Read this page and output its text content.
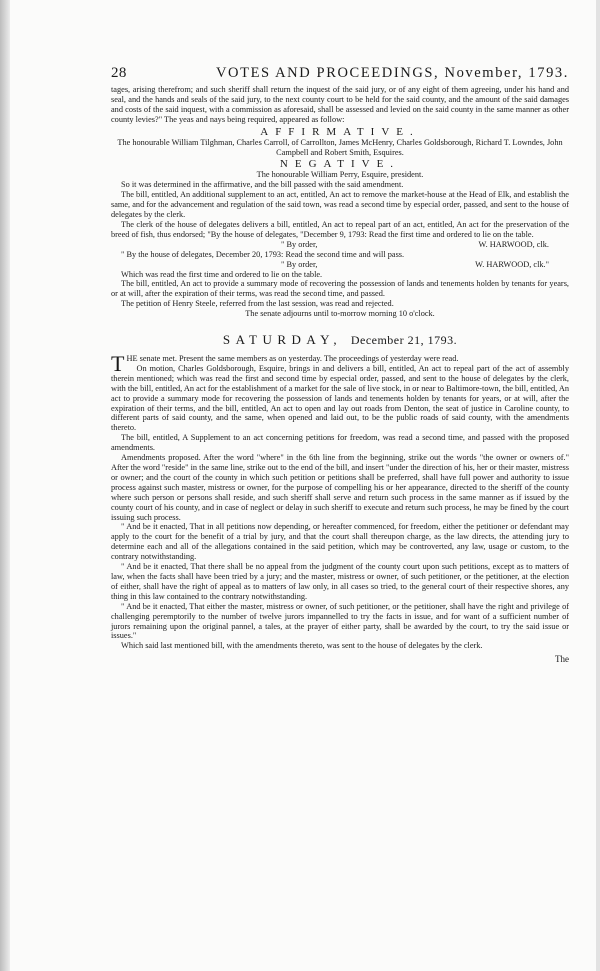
28	VOTES AND PROCEEDINGS, November, 1793.

tages, arising therefrom; and such sheriff shall return the inquest of the said jury, or of any eight of them agreeing, under his hand and seal, and the hands and seals of the said jury, to the next county court to be held for the said county, and the amount of the said damages and costs of the said inquest, with a commission as aforesaid, shall be assessed and levied on the said county in the same manner as other county levies?" The yeas and nays being required, appeared as follow:

AFFIRMATIVE.

The honourable William Tilghman, Charles Carroll, of Carrollton, James McHenry, Charles Goldsborough, Richard T. Lowndes, John Campbell and Robert Smith, Esquires.

NEGATIVE.

The honourable William Perry, Esquire, president.

So it was determined in the affirmative, and the bill passed with the said amendment.

The bill, entitled, An additional supplement to an act, entitled, An act to remove the market-house at the Head of Elk, and establish the same, and for the advancement and regulation of the said town, was read a second time by especial order, passed, and sent to the house of delegates by the clerk.

The clerk of the house of delegates delivers a bill, entitled, An act to repeal part of an act, entitled, An act for the preservation of the breed of fish, thus endorsed; "By the house of delegates, "December 9, 1793: Read the first time and ordered to lie on the table.

" By order,	W. HARWOOD, clk.

" By the house of delegates, December 20, 1793: Read the second time and will pass.

" By order,	W. HARWOOD, clk."

Which was read the first time and ordered to lie on the table.

The bill, entitled, An act to provide a summary mode of recovering the possession of lands and tenements holden by tenants for years, or at will, after the expiration of their terms, was read the second time, and passed.

The petition of Henry Steele, referred from the last session, was read and rejected.

The senate adjourns until to-morrow morning 10 o'clock.

SATURDAY, December 21, 1793.

THE senate met. Present the same members as on yesterday. The proceedings of yesterday were read.

On motion, Charles Goldsborough, Esquire, brings in and delivers a bill, entitled, An act to repeal part of the act of assembly therein mentioned; which was read the first and second time by especial order, passed, and sent to the house of delegates by the clerk, with the bill, entitled, An act for the establishment of a market for the sale of live stock, in or near to Baltimore-town, the bill, entitled, An act to provide a summary mode for recovering the possession of lands and tenements holden by tenants for years, or at will, after the expiration of their terms, and the bill, entitled, An act to open and lay out roads from Denton, the seat of justice in Caroline county, to different parts of said county, and the same, when opened and laid out, to be the public roads of said county, with the amendments thereto.

The bill, entitled, A Supplement to an act concerning petitions for freedom, was read a second time, and passed with the proposed amendments.

Amendments proposed. After the word "where" in the 6th line from the beginning, strike out the words "the owner or owners of." After the word "reside" in the same line, strike out to the end of the bill, and insert "under the direction of his, her or their master, mistress or owner; and the court of the county in which such petition or petitions shall be preferred, shall have full power and authority to issue process against such master, mistress or owner, for the purpose of compelling his or her appearance, directed to the sheriff of the county where such person or persons shall reside, and such sheriff shall serve and return such process in the same manner as if issued by the county court of his county, and in case of neglect or delay in such sheriff to execute and return such process, he may be fined by the court issuing such process.

" And be it enacted, That in all petitions now depending, or hereafter commenced, for freedom, either the petitioner or defendant may apply to the court for the benefit of a trial by jury, and that the court shall thereupon charge, as the law directs, the attending jury to determine each and all of the allegations contained in the said petition, which may be controverted, any law, usage or custom, to the contrary notwithstanding.

" And be it enacted, That there shall be no appeal from the judgment of the county court upon such petitions, except as to matters of law, when the facts shall have been tried by a jury; and the master, mistress or owner, of such petitioner, or the petitioner, at the election of either, shall have the right of appeal as to matters of law only, in all cases so tried, to the general court of their respective shores, any thing in this law contained to the contrary notwithstanding.

" And be it enacted, That either the master, mistress or owner, of such petitioner, or the petitioner, shall have the right and privilege of challenging peremptorily to the number of twelve jurors impannelled to try the facts in issue, and for want of a sufficient number of jurors remaining upon the original pannel, a tales, at the prayer of either party, shall be awarded by the court, to try the said issue or issues."

Which said last mentioned bill, with the amendments thereto, was sent to the house of delegates by the clerk.

The
